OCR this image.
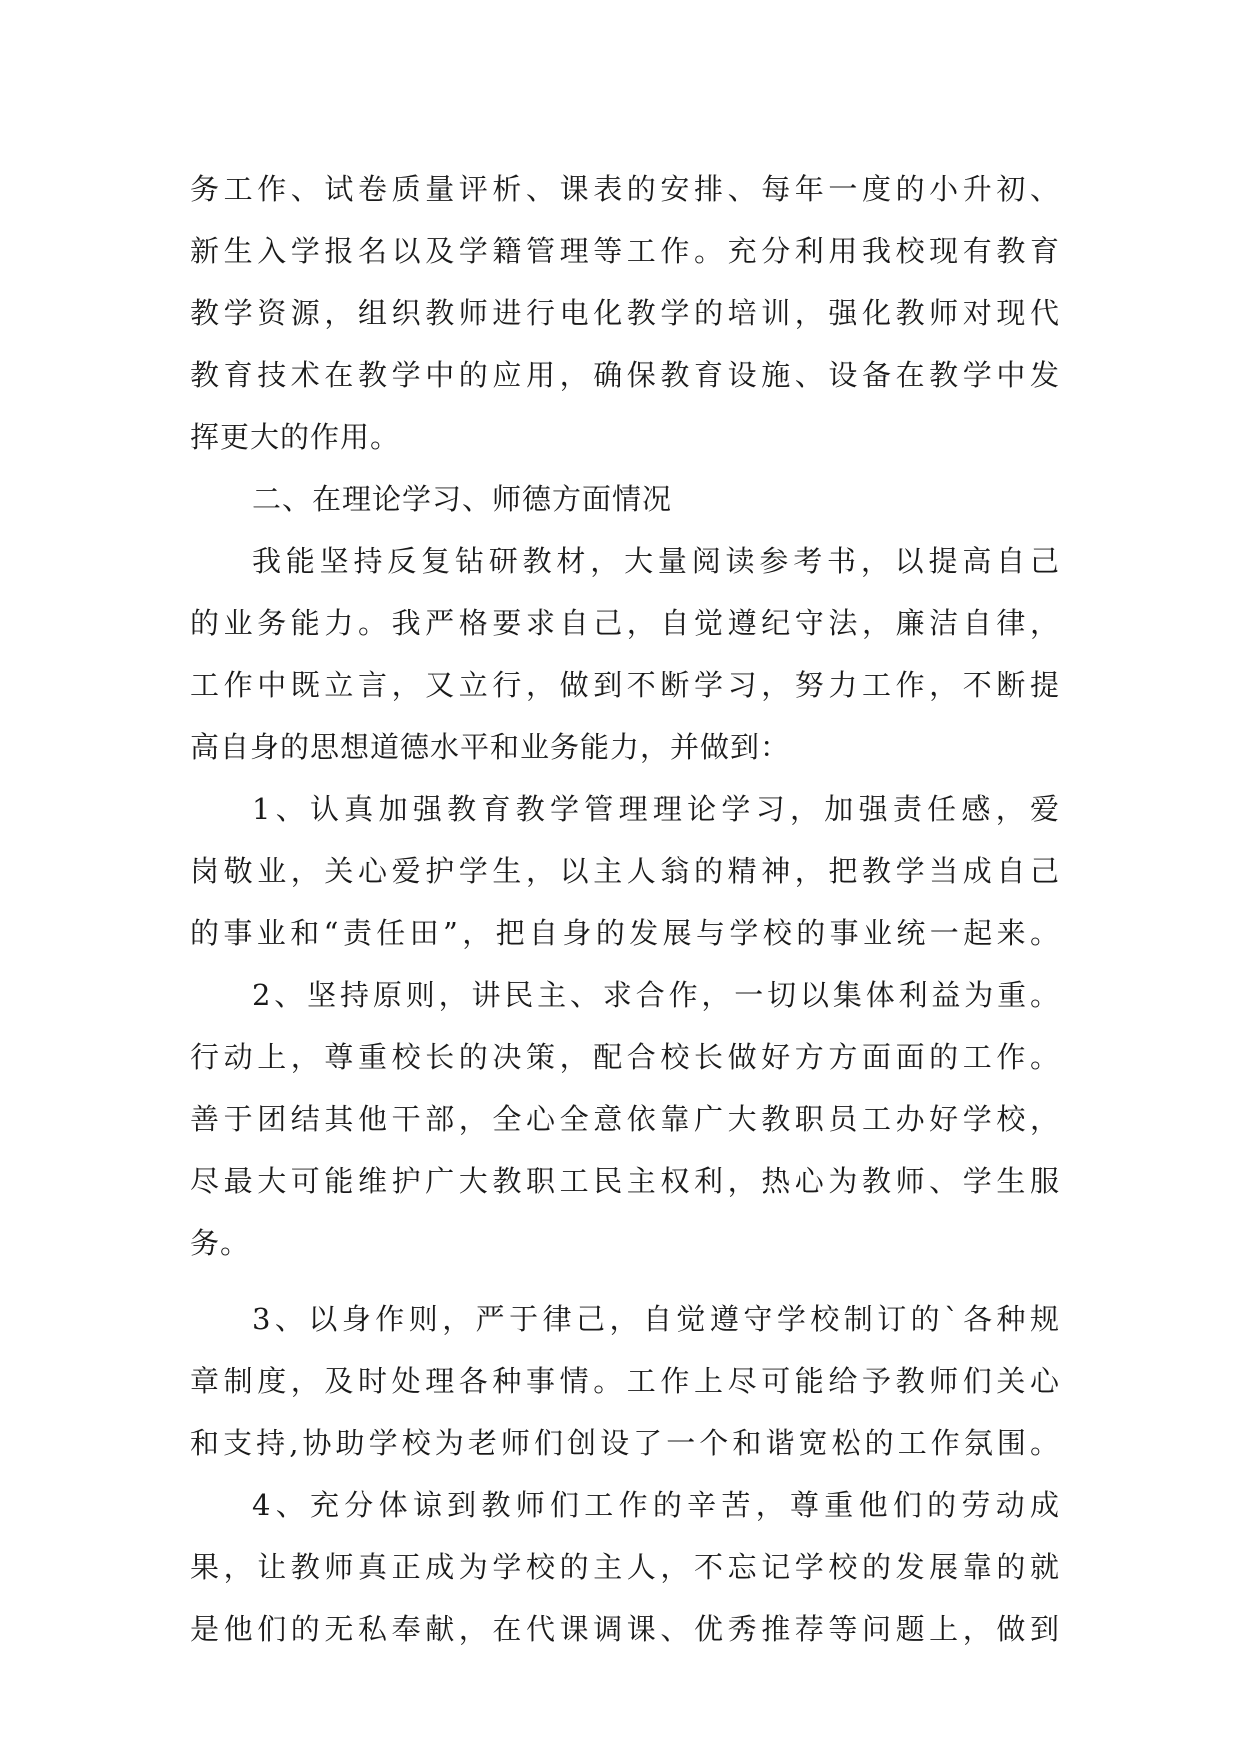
务工作、试卷质量评析、课表的安排、每年一度的小升初、
新生入学报名以及学籍管理等工作。充分利用我校现有教育
教学资源，组织教师进行电化教学的培训，强化教师对现代
教育技术在教学中的应用，确保教育设施、设备在教学中发
挥更大的作用。
二、在理论学习、师德方面情况
我能坚持反复钻研教材，大量阅读参考书，以提高自己
的业务能力。我严格要求自己，自觉遵纪守法，廉洁自律，
工作中既立言，又立行，做到不断学习，努力工作，不断提
高自身的思想道德水平和业务能力，并做到：
1、认真加强教育教学管理理论学习，加强责任感，爱
岗敬业，关心爱护学生，以主人翁的精神，把教学当成自己
的事业和“责任田”，把自身的发展与学校的事业统一起来。
2、坚持原则，讲民主、求合作，一切以集体利益为重。
行动上，尊重校长的决策，配合校长做好方方面面的工作。
善于团结其他干部，全心全意依靠广大教职员工办好学校，
尽最大可能维护广大教职工民主权利，热心为教师、学生服
务。
3、以身作则，严于律己，自觉遵守学校制订的`各种规
章制度，及时处理各种事情。工作上尽可能给予教师们关心
和支持,协助学校为老师们创设了一个和谐宽松的工作氛围。
4、充分体谅到教师们工作的辛苦，尊重他们的劳动成
果，让教师真正成为学校的主人，不忘记学校的发展靠的就
是他们的无私奉献，在代课调课、优秀推荐等问题上，做到
